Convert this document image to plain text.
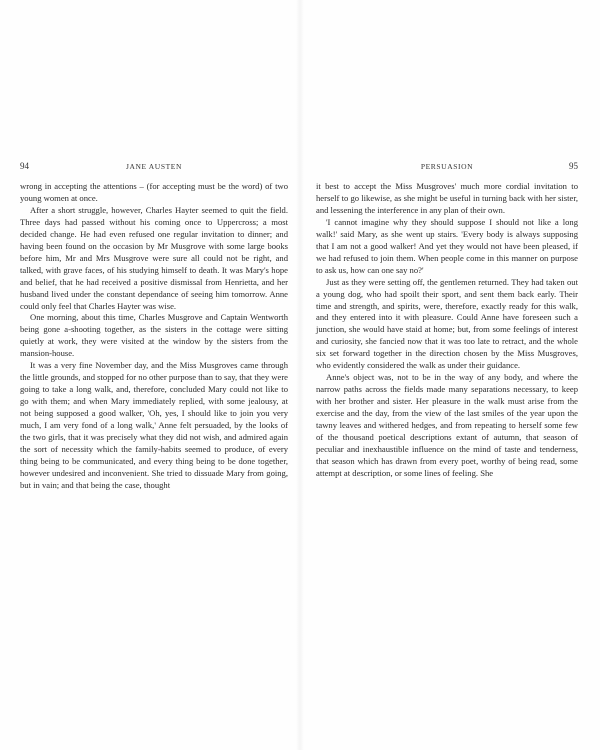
94	JANE AUSTEN

wrong in accepting the attentions – (for accepting must be the word) of two young women at once.

After a short struggle, however, Charles Hayter seemed to quit the field. Three days had passed without his coming once to Uppercross; a most decided change. He had even refused one regular invitation to dinner; and having been found on the occasion by Mr Musgrove with some large books before him, Mr and Mrs Musgrove were sure all could not be right, and talked, with grave faces, of his studying himself to death. It was Mary's hope and belief, that he had received a positive dismissal from Henrietta, and her husband lived under the constant dependance of seeing him tomorrow. Anne could only feel that Charles Hayter was wise.

One morning, about this time, Charles Musgrove and Captain Wentworth being gone a-shooting together, as the sisters in the cottage were sitting quietly at work, they were visited at the window by the sisters from the mansion-house.

It was a very fine November day, and the Miss Musgroves came through the little grounds, and stopped for no other purpose than to say, that they were going to take a long walk, and, therefore, concluded Mary could not like to go with them; and when Mary immediately replied, with some jealousy, at not being supposed a good walker, 'Oh, yes, I should like to join you very much, I am very fond of a long walk,' Anne felt persuaded, by the looks of the two girls, that it was precisely what they did not wish, and admired again the sort of necessity which the family-habits seemed to produce, of every thing being to be communicated, and every thing being to be done together, however undesired and inconvenient. She tried to dissuade Mary from going, but in vain; and that being the case, thought

PERSUASION	95

it best to accept the Miss Musgroves' much more cordial invitation to herself to go likewise, as she might be useful in turning back with her sister, and lessening the interference in any plan of their own.

'I cannot imagine why they should suppose I should not like a long walk!' said Mary, as she went up stairs. 'Every body is always supposing that I am not a good walker! And yet they would not have been pleased, if we had refused to join them. When people come in this manner on purpose to ask us, how can one say no?'

Just as they were setting off, the gentlemen returned. They had taken out a young dog, who had spoilt their sport, and sent them back early. Their time and strength, and spirits, were, therefore, exactly ready for this walk, and they entered into it with pleasure. Could Anne have foreseen such a junction, she would have staid at home; but, from some feelings of interest and curiosity, she fancied now that it was too late to retract, and the whole six set forward together in the direction chosen by the Miss Musgroves, who evidently considered the walk as under their guidance.

Anne's object was, not to be in the way of any body, and where the narrow paths across the fields made many separations necessary, to keep with her brother and sister. Her pleasure in the walk must arise from the exercise and the day, from the view of the last smiles of the year upon the tawny leaves and withered hedges, and from repeating to herself some few of the thousand poetical descriptions extant of autumn, that season of peculiar and inexhaustible influence on the mind of taste and tenderness, that season which has drawn from every poet, worthy of being read, some attempt at description, or some lines of feeling. She
